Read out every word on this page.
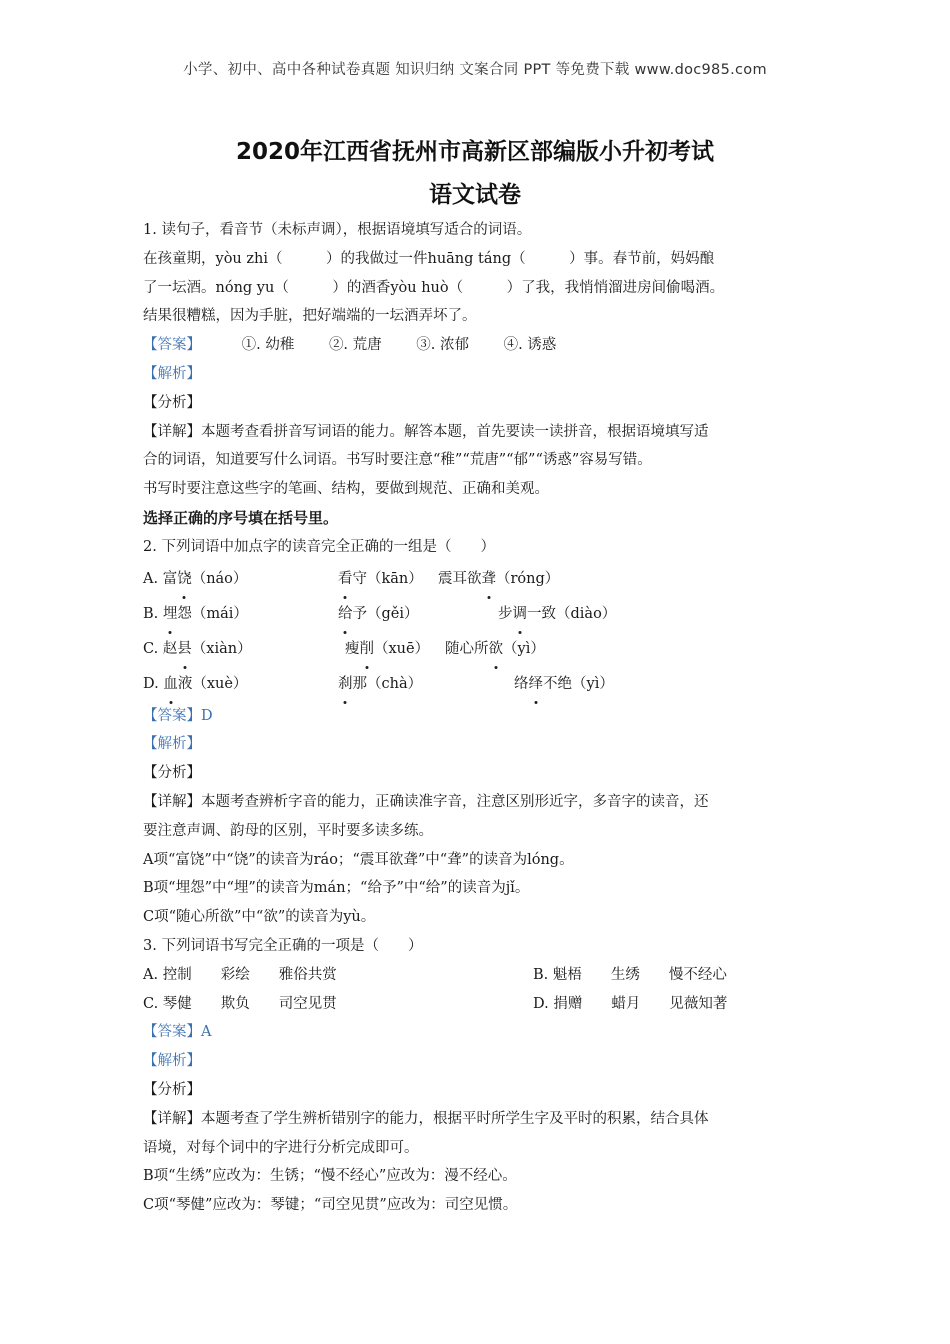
小学、初中、高中各种试卷真题 知识归纳 文案合同 PPT 等免费下载 www.doc985.com
2020年江西省抚州市高新区部编版小升初考试
语文试卷
1. 读句子，看音节（未标声调），根据语境填写适合的词语。
在孩童期，yòu zhi（　　　）的我做过一件huāng táng（　　　）事。春节前，妈妈酿
了一坛酒。nóng yu（　　　）的酒香yòu huò（　　　）了我，我悄悄溜进房间偷喝酒。
结果很糟糕，因为手脏，把好端端的一坛酒弄坏了。
【答案】	①. 幼稚 ②. 荒唐 ③. 浓郁 ④. 诱惑
【解析】
【分析】
【详解】本题考查看拼音写词语的能力。解答本题，首先要读一读拼音，根据语境填写适
合的词语，知道要写什么词语。书写时要注意“稚”“荒唐”“郁”“诱惑”容易写错。
书写时要注意这些字的笔画、结构，要做到规范、正确和美观。
选择正确的序号填在括号里。
2. 下列词语中加点字的读音完全正确的一组是（　　）
A. 富饶（náo）	看守（kān）	震耳欲聋（róng）
B. 埋怨（mái）	给予（gěi）	步调一致（diào）
C. 赵县（xiàn）	瘦削（xuē）	随心所欲（yì）
D. 血液（xuè）	刹那（chà）	络绎不绝（yì）
【答案】D
【解析】
【分析】
【详解】本题考查辨析字音的能力，正确读准字音，注意区别形近字，多音字的读音，还
要注意声调、韵母的区别，平时要多读多练。
A项“富饶”中“饶”的读音为ráo；“震耳欲聋”中“聋”的读音为lóng。
B项“埋怨”中“埋”的读音为mán；“给予”中“给”的读音为jǐ。
C项“随心所欲”中“欲”的读音为yù。
3. 下列词语书写完全正确的一项是（　　）
A. 控制　　彩绘　　雅俗共赏	B. 魁梧　　生绣　　慢不经心
C. 琴健　　欺负　　司空见贯	D. 捐赠　　蜡月　　见薇知著
【答案】A
【解析】
【分析】
【详解】本题考查了学生辨析错别字的能力，根据平时所学生字及平时的积累，结合具体
语境，对每个词中的字进行分析完成即可。
B项“生绣”应改为：生锈；“慢不经心”应改为：漫不经心。
C项“琴健”应改为：琴键；“司空见贯”应改为：司空见惯。
